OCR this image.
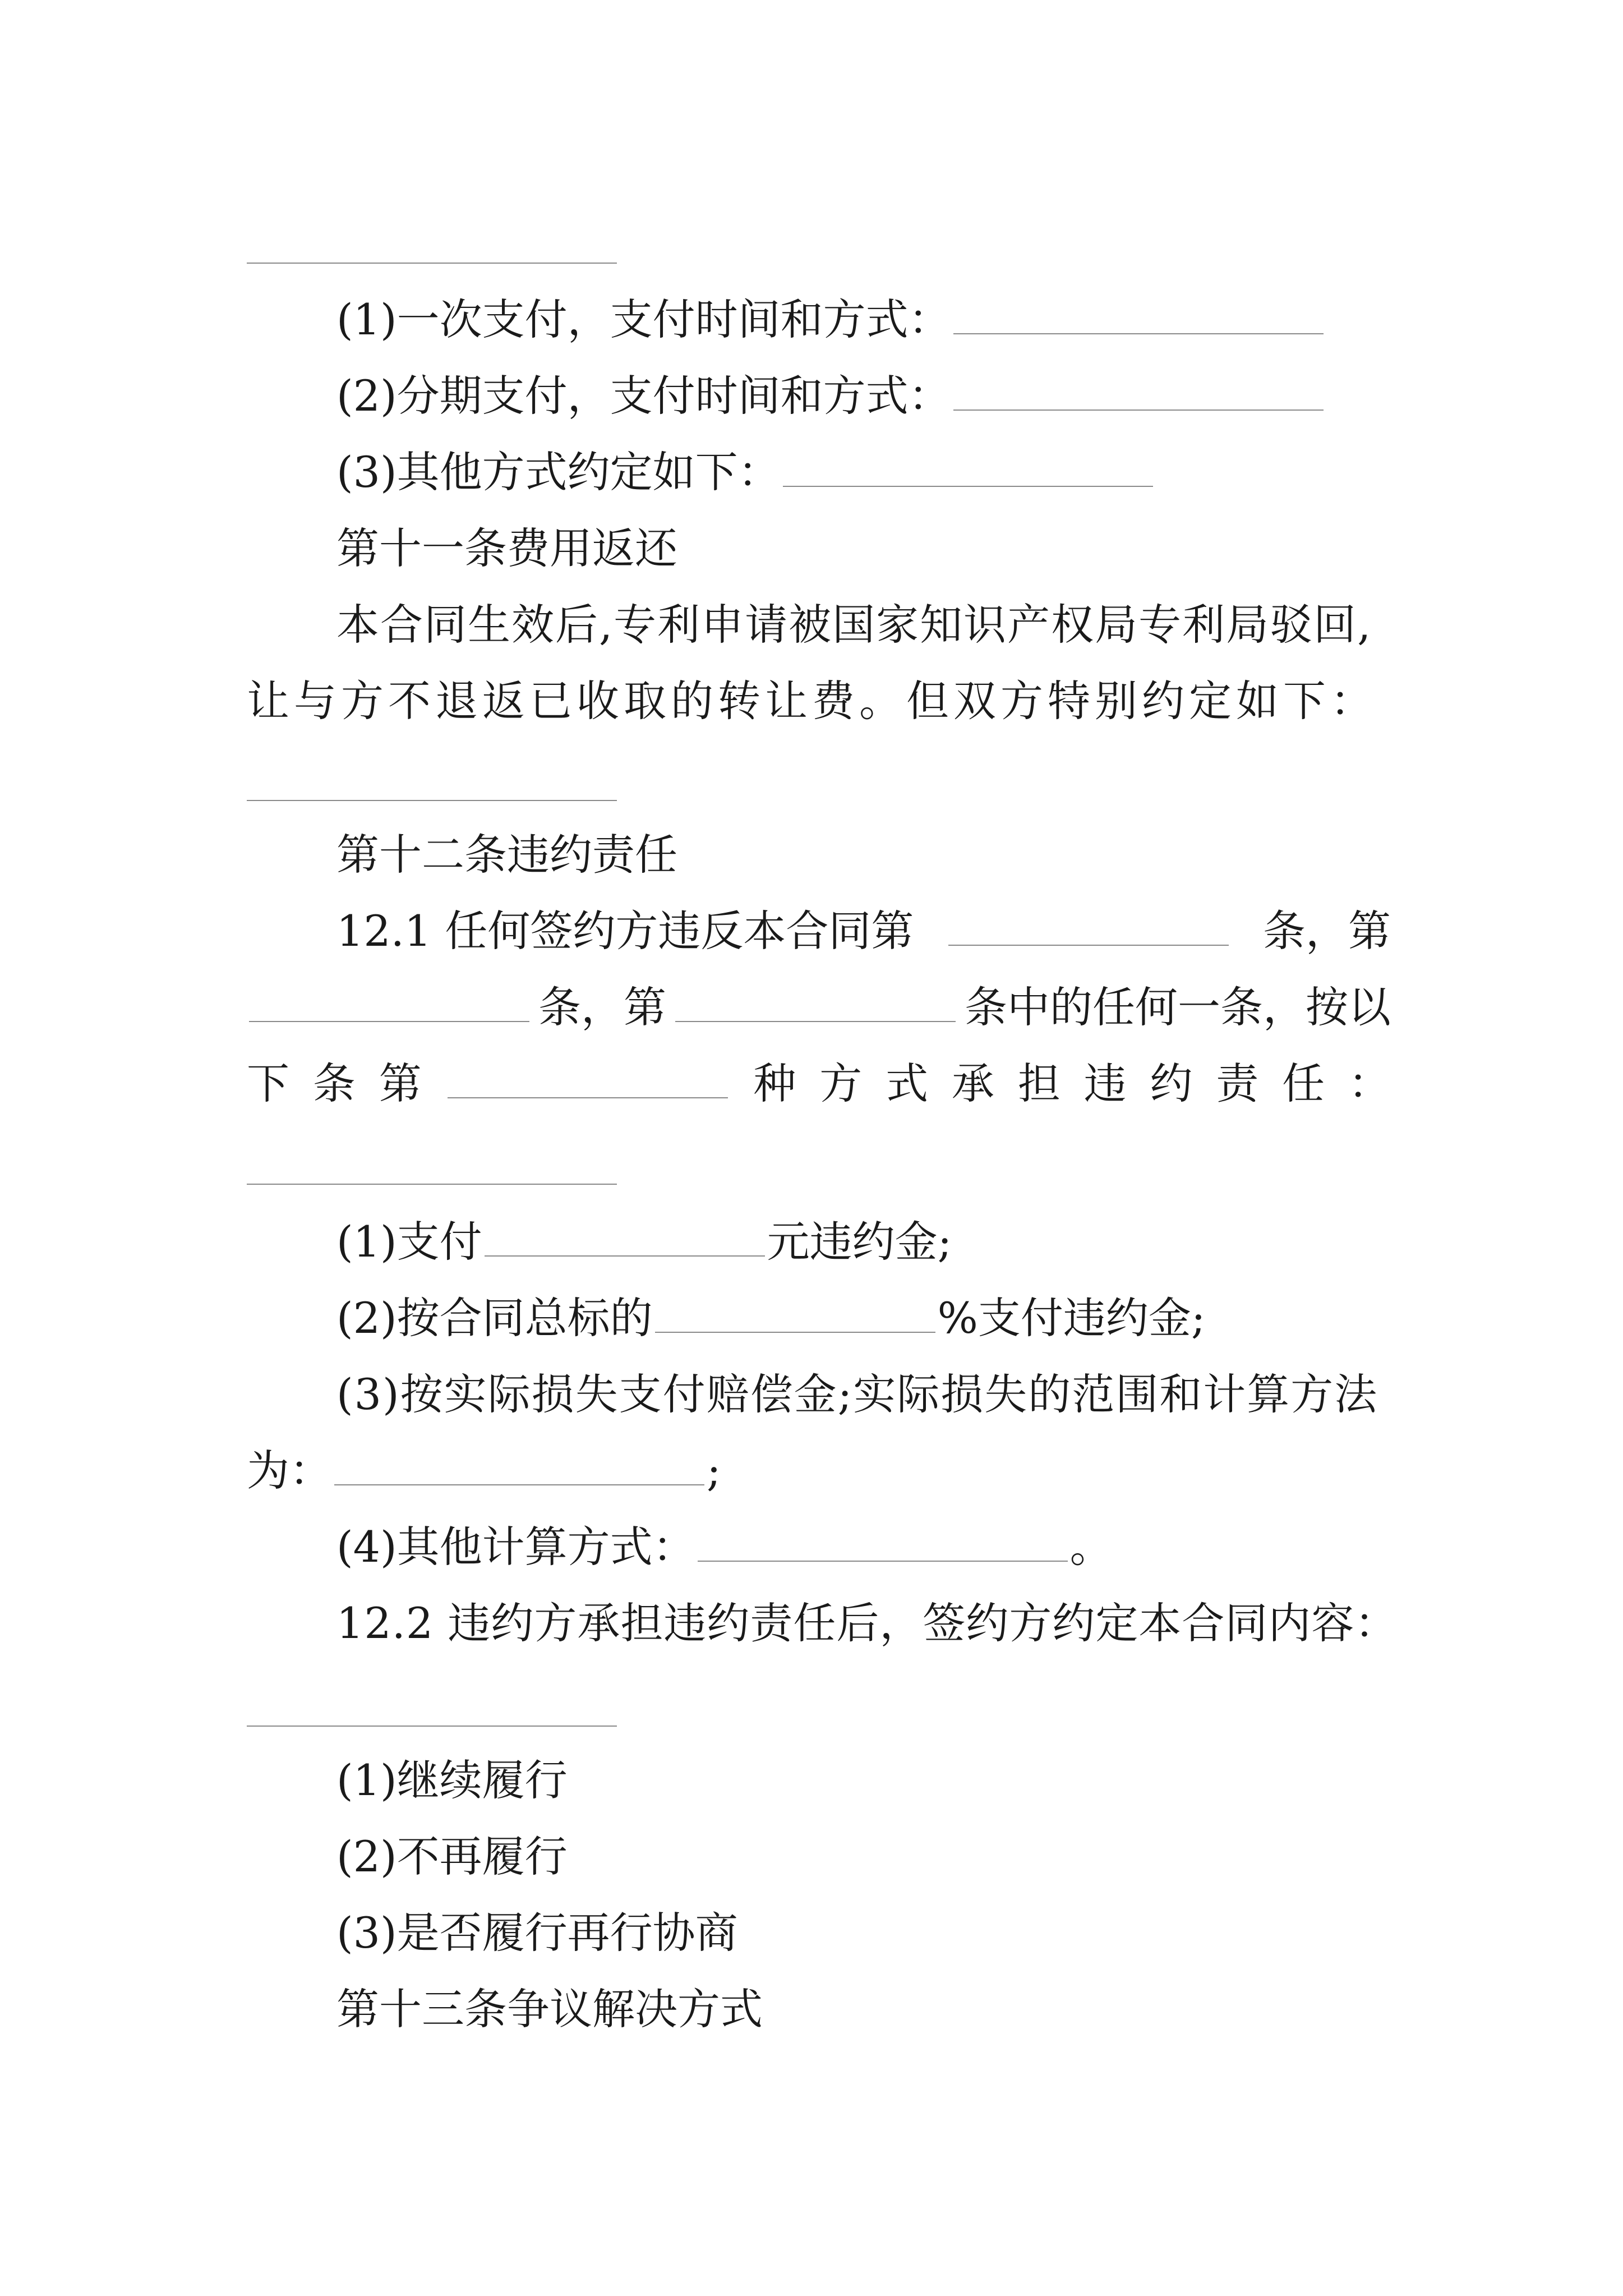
(1)一次支付，支付时间和方式：
(2)分期支付，支付时间和方式：
(3)其他方式约定如下：
第十一条费用返还
本合同生效后,专利申请被国家知识产权局专利局驳回,
让与方不退返已收取的转让费。但双方特别约定如下：
第十二条违约责任
12.1 任何签约方违反本合同第	条，第
条，第	条中的任何一条，按以
下 条 第	种 方 式 承 担 违 约 责 任 ：
(1)支付	元违约金;
(2)按合同总标的	%支付违约金;
(3)按实际损失支付赔偿金;实际损失的范围和计算方法
为：	;
(4)其他计算方式：	。
12.2 违约方承担违约责任后，签约方约定本合同内容：
(1)继续履行
(2)不再履行
(3)是否履行再行协商
第十三条争议解决方式
